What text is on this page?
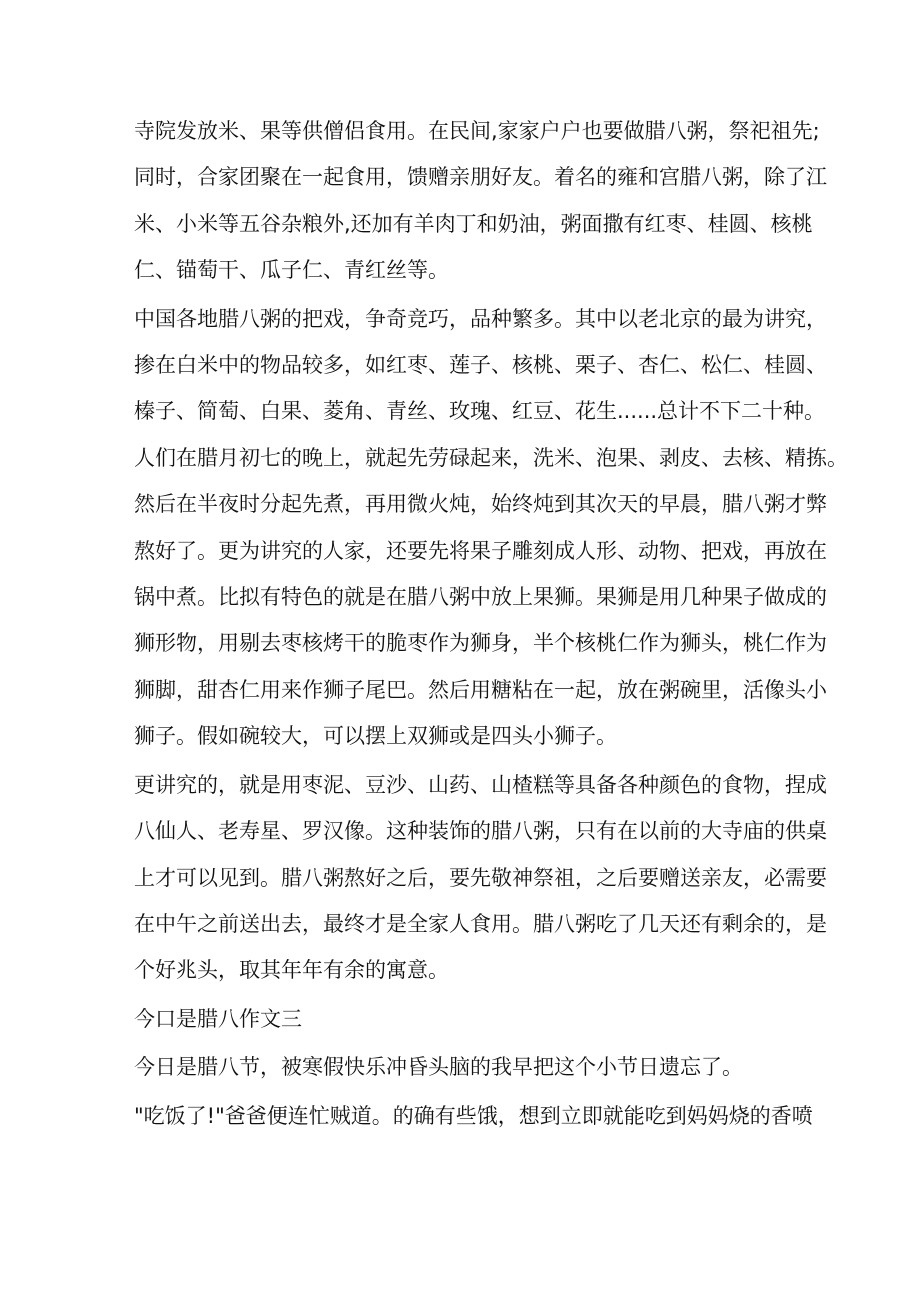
寺院发放米、果等供僧侣食用。在民间,家家户户也要做腊八粥，祭祀祖先;
同时，合家团聚在一起食用，馈赠亲朋好友。着名的雍和宫腊八粥，除了江
米、小米等五谷杂粮外,还加有羊肉丁和奶油，粥面撒有红枣、桂圆、核桃
仁、锚萄干、瓜子仁、青红丝等。

中国各地腊八粥的把戏，争奇竞巧，品种繁多。其中以老北京的最为讲究，
掺在白米中的物品较多，如红枣、莲子、核桃、栗子、杏仁、松仁、桂圆、
榛子、简萄、白果、菱角、青丝、玫瑰、红豆、花生......总计不下二十种。
人们在腊月初七的晚上，就起先劳碌起来，洗米、泡果、剥皮、去核、精拣。
然后在半夜时分起先煮，再用微火炖，始终炖到其次天的早晨，腊八粥才弊
熬好了。更为讲究的人家，还要先将果子雕刻成人形、动物、把戏，再放在
锅中煮。比拟有特色的就是在腊八粥中放上果狮。果狮是用几种果子做成的
狮形物，用剔去枣核烤干的脆枣作为狮身，半个核桃仁作为狮头，桃仁作为
狮脚，甜杏仁用来作狮子尾巴。然后用糖粘在一起，放在粥碗里，活像头小
狮子。假如碗较大，可以摆上双狮或是四头小狮子。

更讲究的，就是用枣泥、豆沙、山药、山楂糕等具备各种颜色的食物，捏成
八仙人、老寿星、罗汉像。这种装饰的腊八粥，只有在以前的大寺庙的供桌
上才可以见到。腊八粥熬好之后，要先敬神祭祖，之后要赠送亲友，必需要
在中午之前送出去，最终才是全家人食用。腊八粥吃了几天还有剩余的，是
个好兆头，取其年年有余的寓意。

今口是腊八作文三

今日是腊八节，被寒假快乐冲昏头脑的我早把这个小节日遗忘了。

"吃饭了!"爸爸便连忙贼道。的确有些饿，想到立即就能吃到妈妈烧的香喷
